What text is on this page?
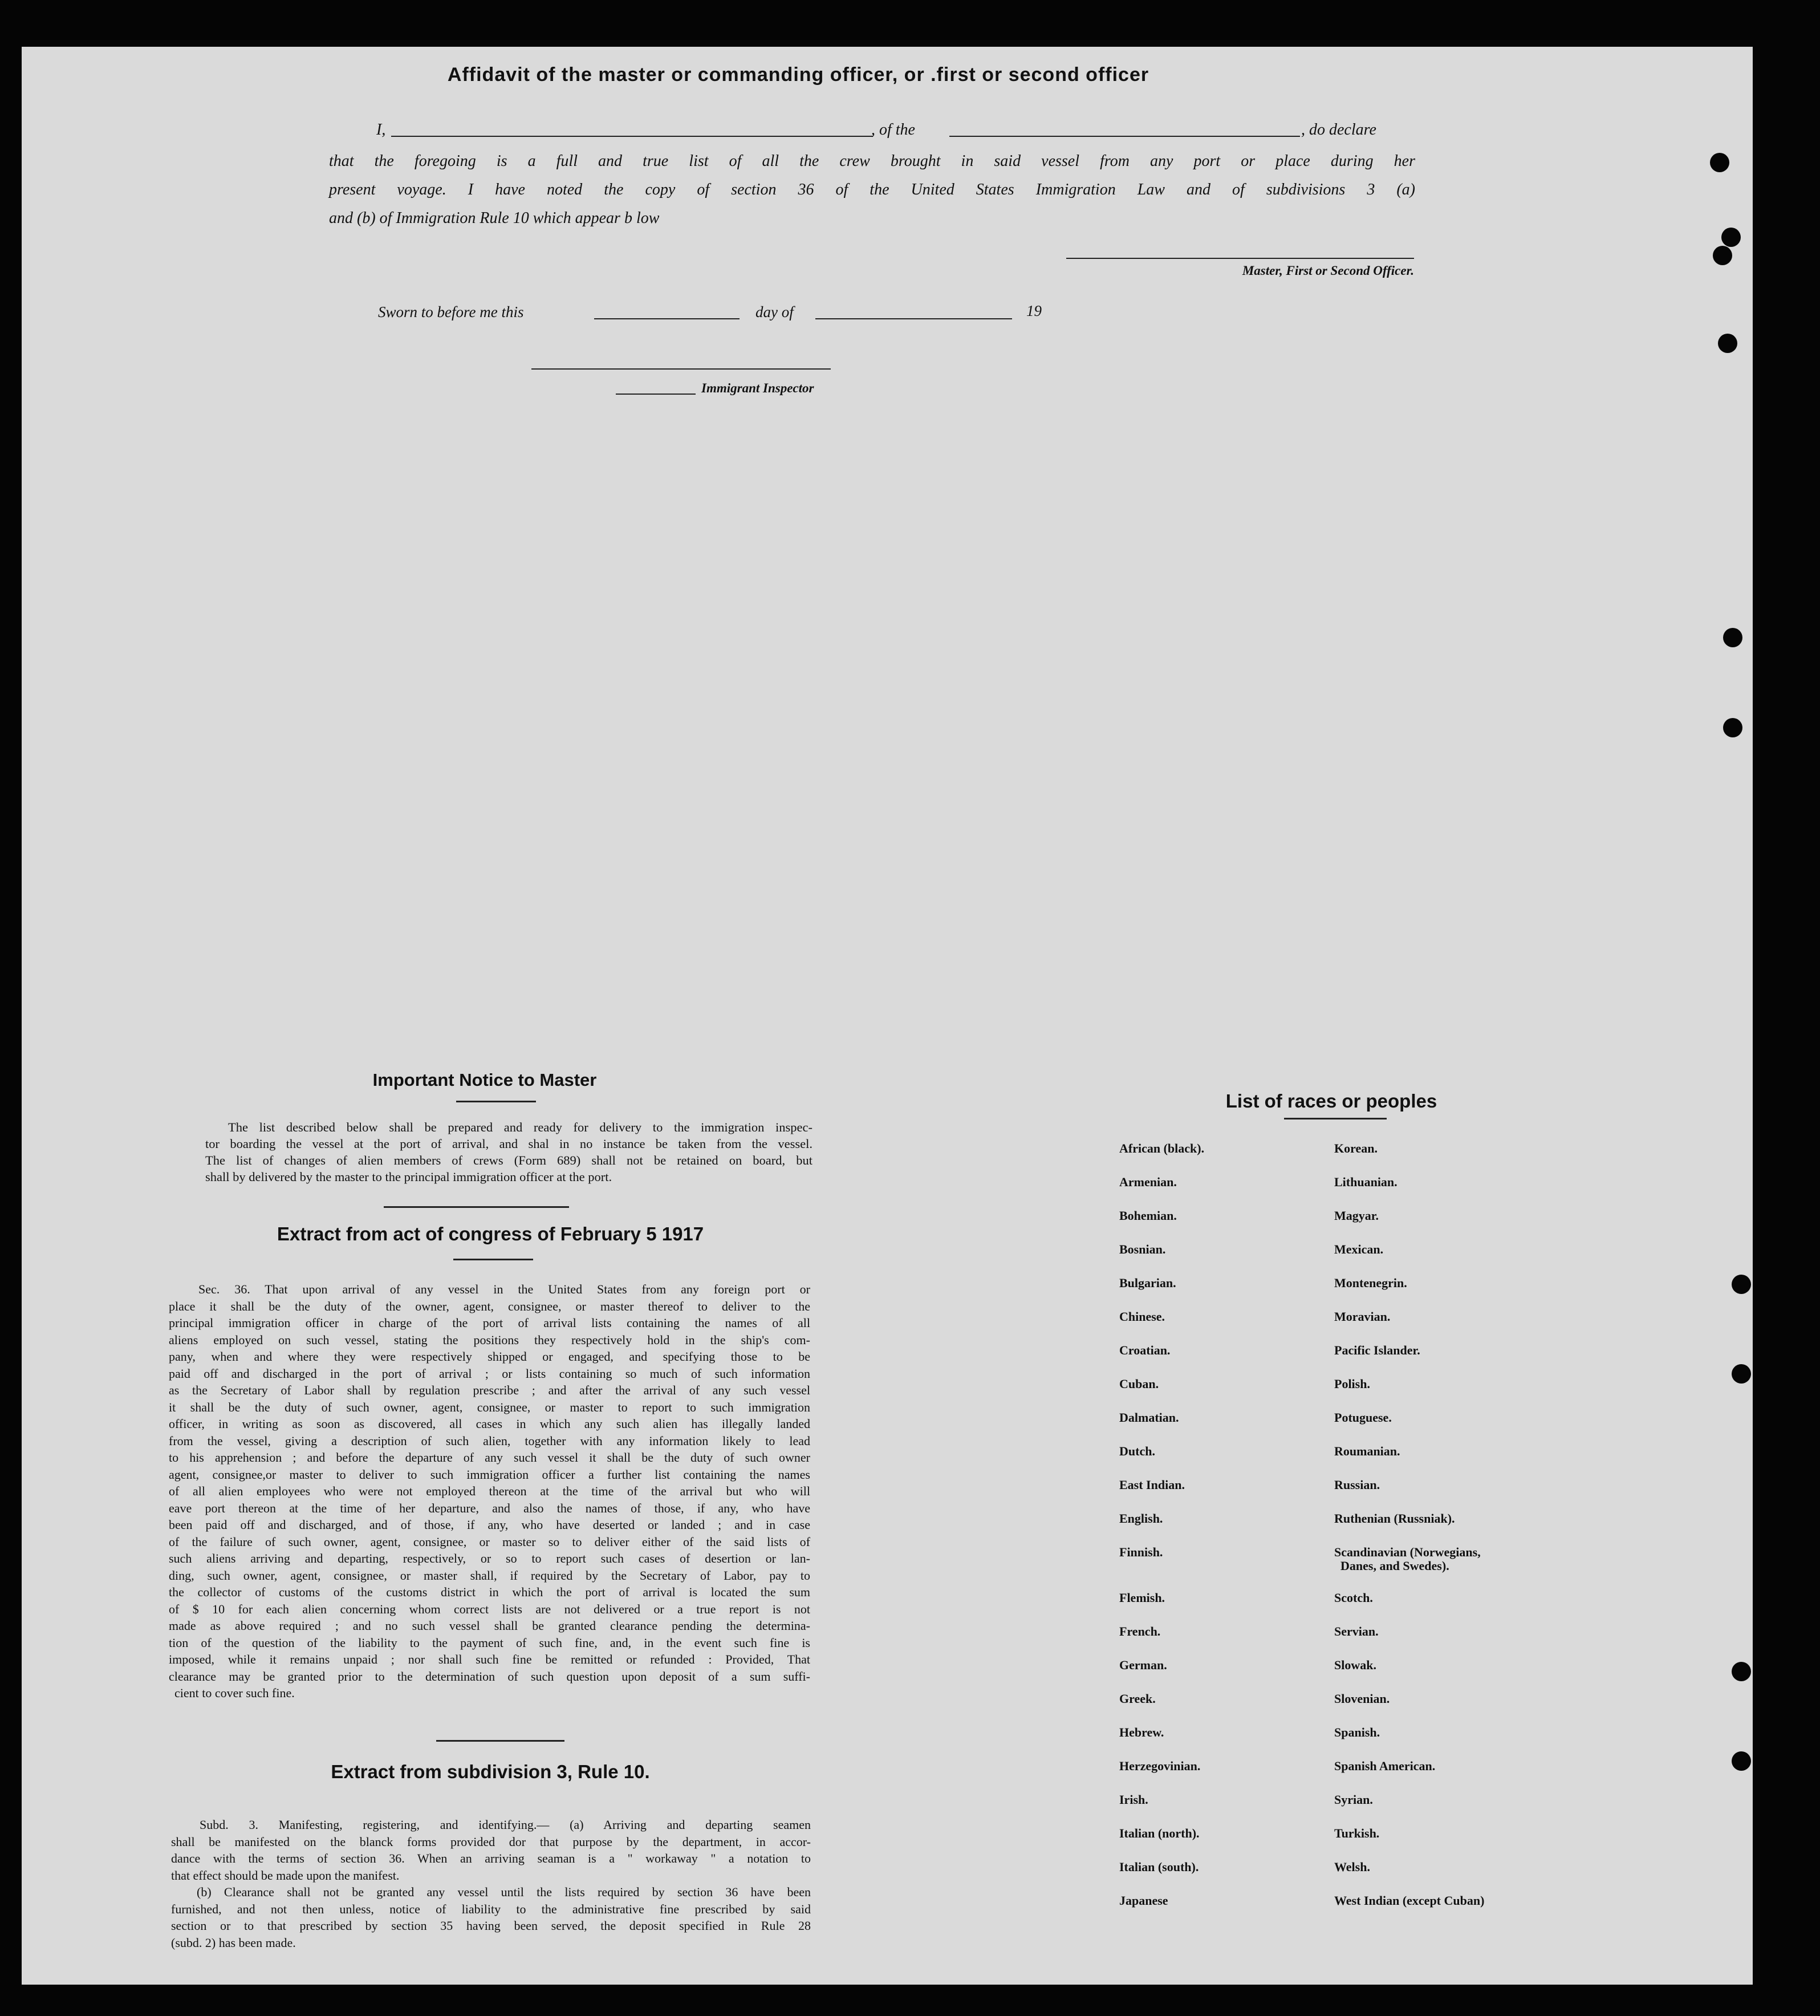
Affidavit of the master or commanding officer, or .first or second officer
I,	, of the	, do declare
that the foregoing is a full and true list of all the crew brought in said vessel from any port or place during her
present voyage. I have noted the copy of section 36 of the United States Immigration Law and of subdivisions 3 (a)
and (b) of Immigration Rule 10 which appear b low
Master, First or Second Officer.
Sworn to before me this	day of	19
Immigrant Inspector
Important Notice to Master
The list described below shall be prepared and ready for delivery to the immigration inspec-
tor boarding the vessel at the port of arrival, and shal in no instance be taken from the vessel.
The list of changes of alien members of crews (Form 689) shall not be retained on board, but
shall by delivered by the master to the principal immigration officer at the port.
Extract from act of congress of February 5 1917
Sec. 36. That upon arrival of any vessel in the United States from any foreign port or
place it shall be the duty of the owner, agent, consignee, or master thereof to deliver to the
principal immigration officer in charge of the port of arrival lists containing the names of all
aliens employed on such vessel, stating the positions they respectively hold in the ship's com-
pany, when and where they were respectively shipped or engaged, and specifying those to be
paid off and discharged in the port of arrival ; or lists containing so much of such information
as the Secretary of Labor shall by regulation prescribe ; and after the arrival of any such vessel
it shall be the duty of such owner, agent, consignee, or master to report to such immigration
officer, in writing as soon as discovered, all cases in which any such alien has illegally landed
from the vessel, giving a description of such alien, together with any information likely to lead
to his apprehension ; and before the departure of any such vessel it shall be the duty of such owner
agent, consignee,or master to deliver to such immigration officer a further list containing the names
of all alien employees who were not employed thereon at the time of the arrival but who will
eave port thereon at the time of her departure, and also the names of those, if any, who have
been paid off and discharged, and of those, if any, who have deserted or landed ; and in case
of the failure of such owner, agent, consignee, or master so to deliver either of the said lists of
such aliens arriving and departing, respectively, or so to report such cases of desertion or lan-
ding, such owner, agent, consignee, or master shall, if required by the Secretary of Labor, pay to
the collector of customs of the customs district in which the port of arrival is located the sum
of $ 10 for each alien concerning whom correct lists are not delivered or a true report is not
made as above required ; and no such vessel shall be granted clearance pending the determina-
tion of the question of the liability to the payment of such fine, and, in the event such fine is
imposed, while it remains unpaid ; nor shall such fine be remitted or refunded : Provided, That
clearance may be granted prior to the determination of such question upon deposit of a sum suffi-
cient to cover such fine.
Extract from subdivision 3, Rule 10.
Subd. 3. Manifesting, registering, and identifying.— (a) Arriving and departing seamen
shall be manifested on the blanck forms provided dor that purpose by the department, in accor-
dance with the terms of section 36. When an arriving seaman is a " workaway " a notation to
that effect should be made upon the manifest.
(b) Clearance shall not be granted any vessel until the lists required by section 36 have been
furnished, and not then unless, notice of liability to the administrative fine prescribed by said
section or to that prescribed by section 35 having been served, the deposit specified in Rule 28
(subd. 2) has been made.
List of races or peoples
African (black).
Armenian.
Bohemian.
Bosnian.
Bulgarian.
Chinese.
Croatian.
Cuban.
Dalmatian.
Dutch.
East Indian.
English.
Finnish.
Flemish.
French.
German.
Greek.
Hebrew.
Herzegovinian.
Irish.
Italian (north).
Italian (south).
Japanese
Korean.
Lithuanian.
Magyar.
Mexican.
Montenegrin.
Moravian.
Pacific Islander.
Polish.
Potuguese.
Roumanian.
Russian.
Ruthenian (Russniak).
Scandinavian (Norwegians,
Danes, and Swedes).
Scotch.
Servian.
Slowak.
Slovenian.
Spanish.
Spanish American.
Syrian.
Turkish.
Welsh.
West Indian (except Cuban)
